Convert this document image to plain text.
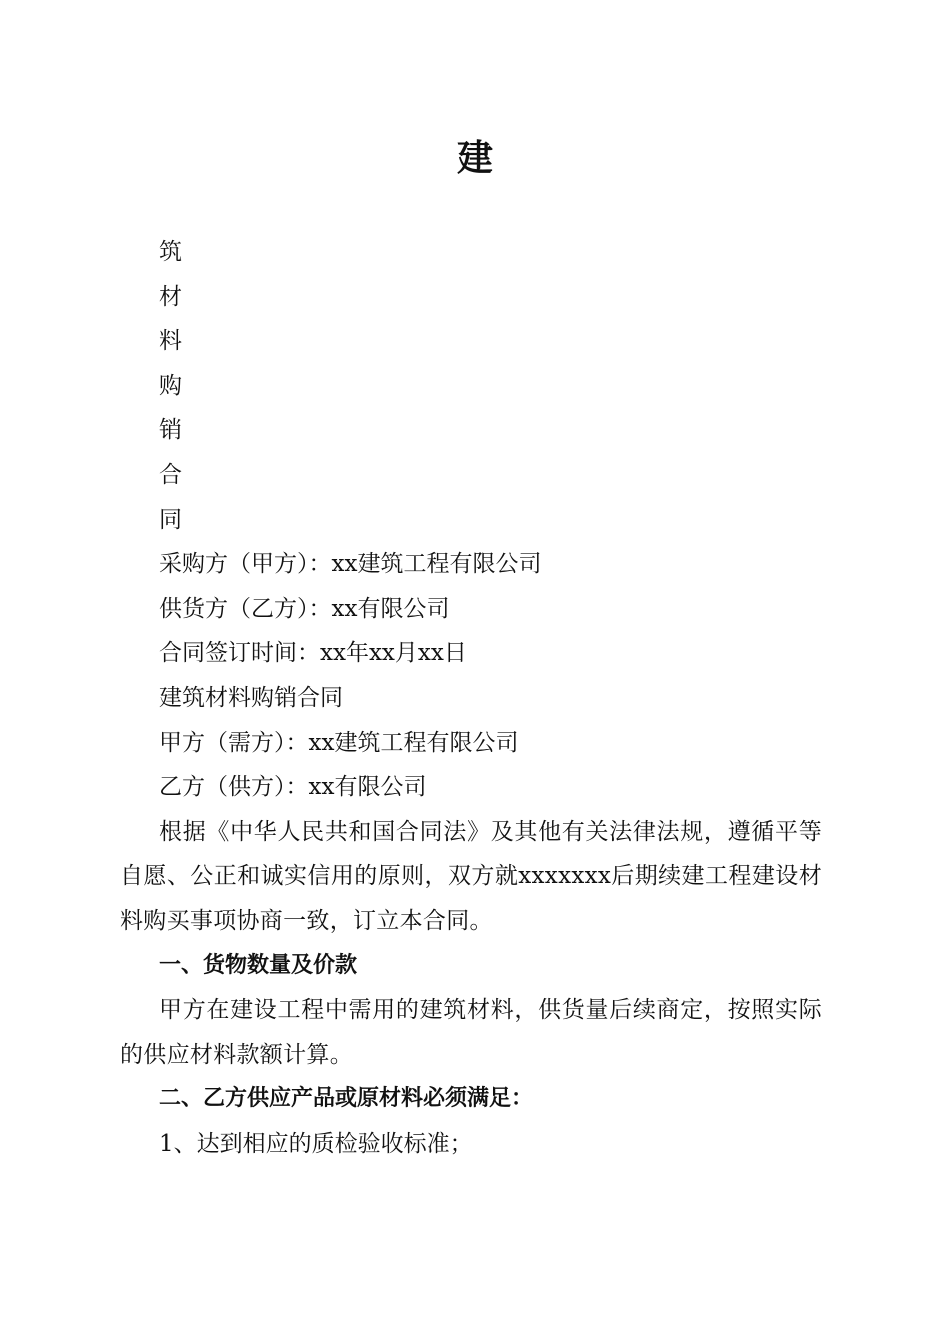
建

筑

材

料

购

销

合

同

采购方（甲方）：xx建筑工程有限公司

供货方（乙方）：xx有限公司

合同签订时间：xx年xx月xx日

建筑材料购销合同

甲方（需方）：xx建筑工程有限公司

乙方（供方）：xx有限公司

根据《中华人民共和国合同法》及其他有关法律法规，遵循平等自愿、公正和诚实信用的原则，双方就xxxxxxx后期续建工程建设材料购买事项协商一致，订立本合同。

一、货物数量及价款

甲方在建设工程中需用的建筑材料，供货量后续商定，按照实际的供应材料款额计算。

二、乙方供应产品或原材料必须满足：

1、达到相应的质检验收标准；
